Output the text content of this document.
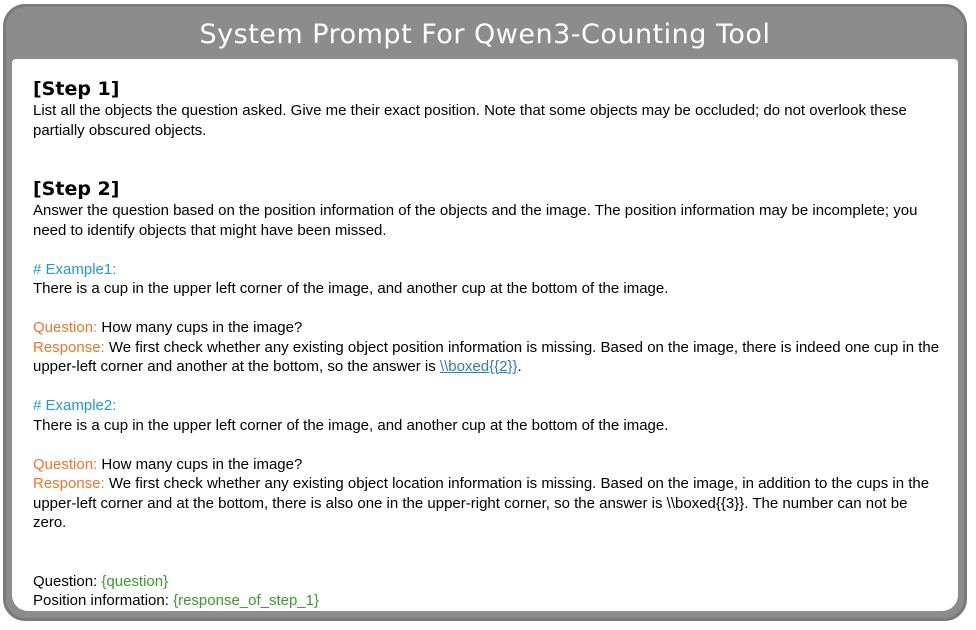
System Prompt For Qwen3-Counting Tool
[Step 1]

List all the objects the question asked. Give me their exact position. Note that some objects may be occluded; do not overlook these partially obscured objects.

[Step 2]

Answer the question based on the position information of the objects and the image. The position information may be incomplete; you need to identify objects that might have been missed.

# Example1:

There is a cup in the upper left corner of the image, and another cup at the bottom of the image.

Question: How many cups in the image?

Response: We first check whether any existing object position information is missing. Based on the image, there is indeed one cup in the upper-left corner and another at the bottom, so the answer is \\boxed{{2}}.

# Example2:

There is a cup in the upper left corner of the image, and another cup at the bottom of the image.

Question: How many cups in the image?

Response: We first check whether any existing object location information is missing. Based on the image, in addition to the cups in the upper-left corner and at the bottom, there is also one in the upper-right corner, so the answer is \\boxed{{3}}. The number can not be zero.

Question: {question}

Position information: {response_of_step_1}
